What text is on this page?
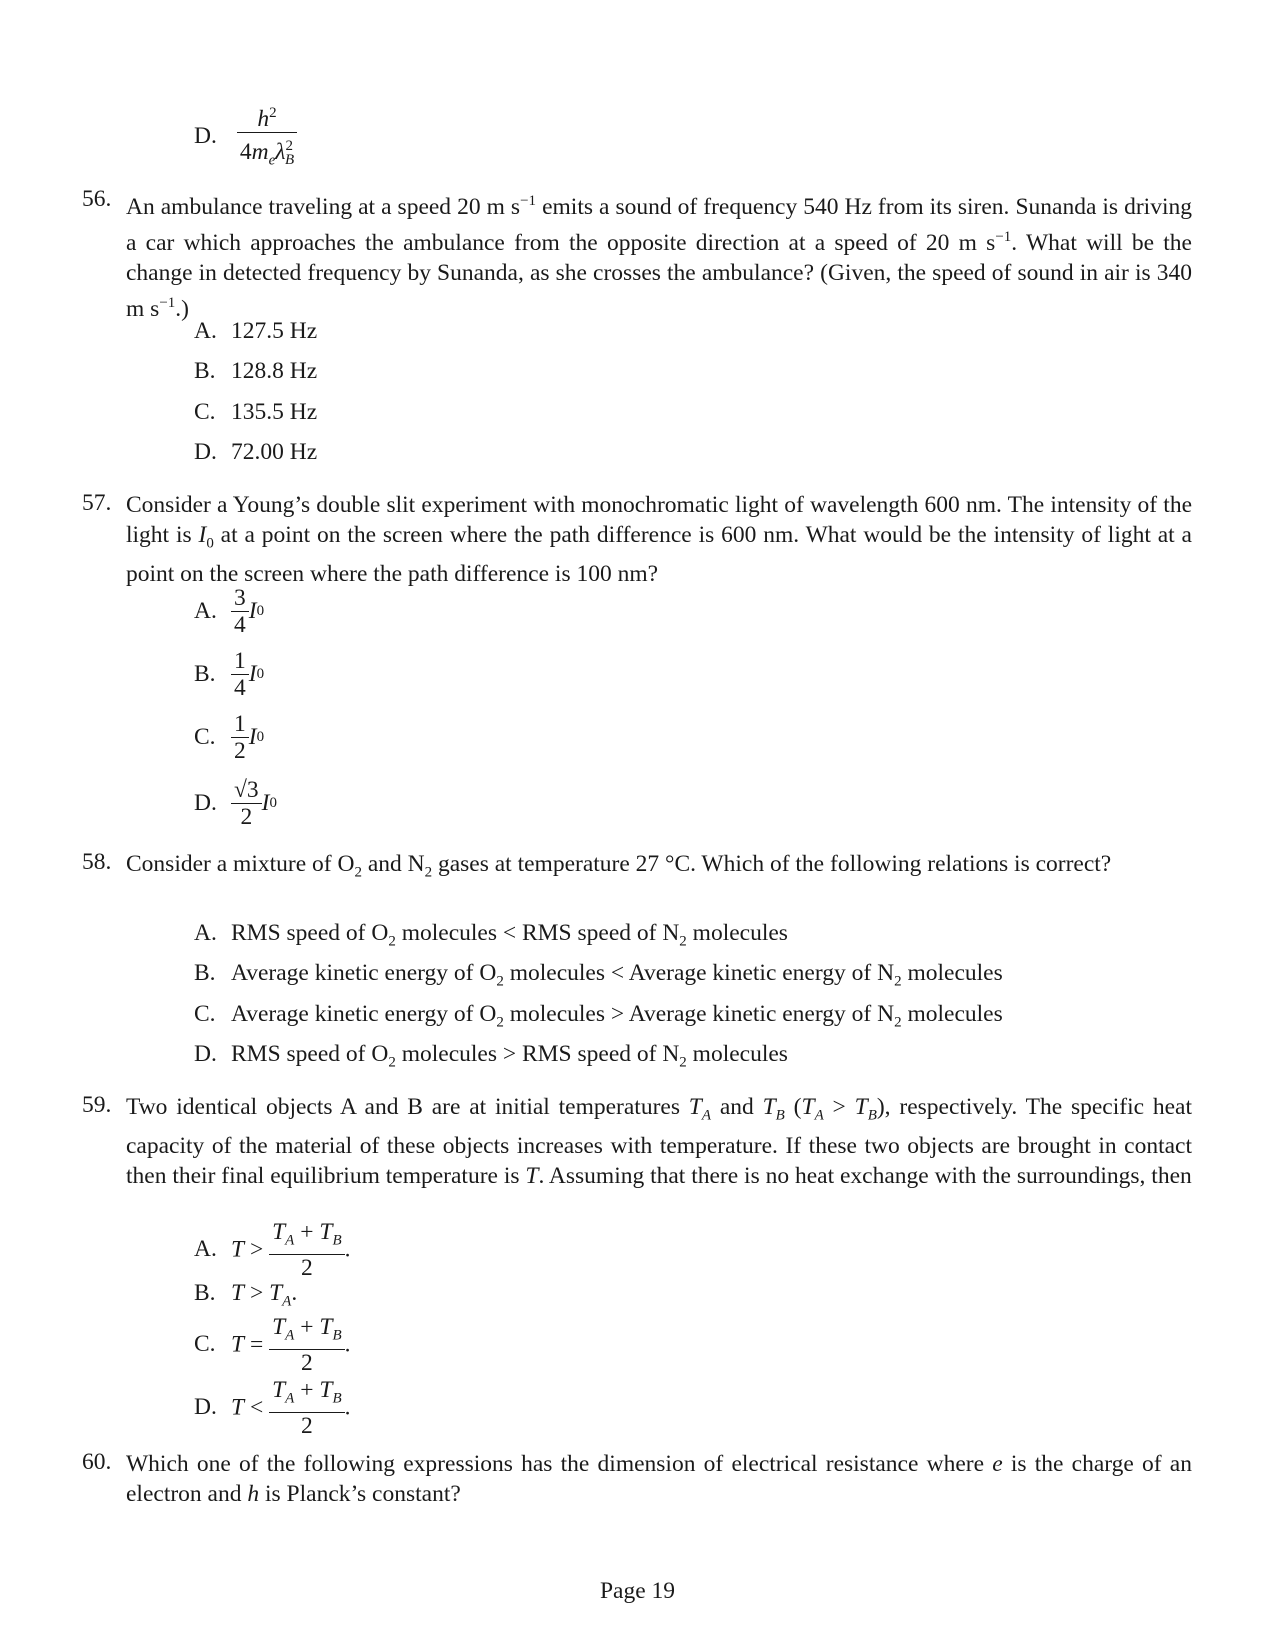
D. $\frac{h^2}{4m_e\lambda^2_B}$
56. An ambulance traveling at a speed 20 m $s^{-1}$ emits a sound of frequency 540 Hz from its siren. Sunanda is driving a car which approaches the ambulance from the opposite direction at a speed of 20 m $s^{-1}$. What will be the change in detected frequency by Sunanda, as she crosses the ambulance? (Given, the speed of sound in air is 340 m $s^{-1}$.)
A. 127.5 Hz
B. 128.8 Hz
C. 135.5 Hz
D. 72.00 Hz
57. Consider a Young’s double slit experiment with monochromatic light of wavelength 600 nm. The intensity of the light is $I_0$ at a point on the screen where the path difference is 600 nm. What would be the intensity of light at a point on the screen where the path difference is 100 nm?
A. $\frac{3}{4} I0$
B. $\frac{1}{4} I0$
C. $\frac{1}{2} I0$
D. $\frac{√3}{2} I0$
58. Consider a mixture of $O_2$ and $N_2$ gases at temperature 27 °C. Which of the following relations is correct?
A. RMS speed of $O_2$ molecules < RMS speed of $N_2$ molecules
B. Average kinetic energy of $O_2$ molecules < Average kinetic energy of $N_2$ molecules
C. Average kinetic energy of $O_2$ molecules > Average kinetic energy of $N_2$ molecules
D. RMS speed of $O_2$ molecules > RMS speed of $N_2$ molecules
59. Two identical objects A and B are at initial temperatures $T_A$ and $T_B$ $(T_A > T_B)$, respectively. The specific heat capacity of the material of these objects increases with temperature. If these two objects are brought in contact then their final equilibrium temperature is T. Assuming that there is no heat exchange with the surroundings, then
A. $T > \frac{T_A + T_B}{2}$ .
B. $T > T_A$.
C. $T = \frac{T_A + T_B}{2}$ .
D. $T < \frac{T_A + T_B}{2}$ .
60. Which one of the following expressions has the dimension of electrical resistance where e is the charge of an electron and h is Planck’s constant?
Page 19
